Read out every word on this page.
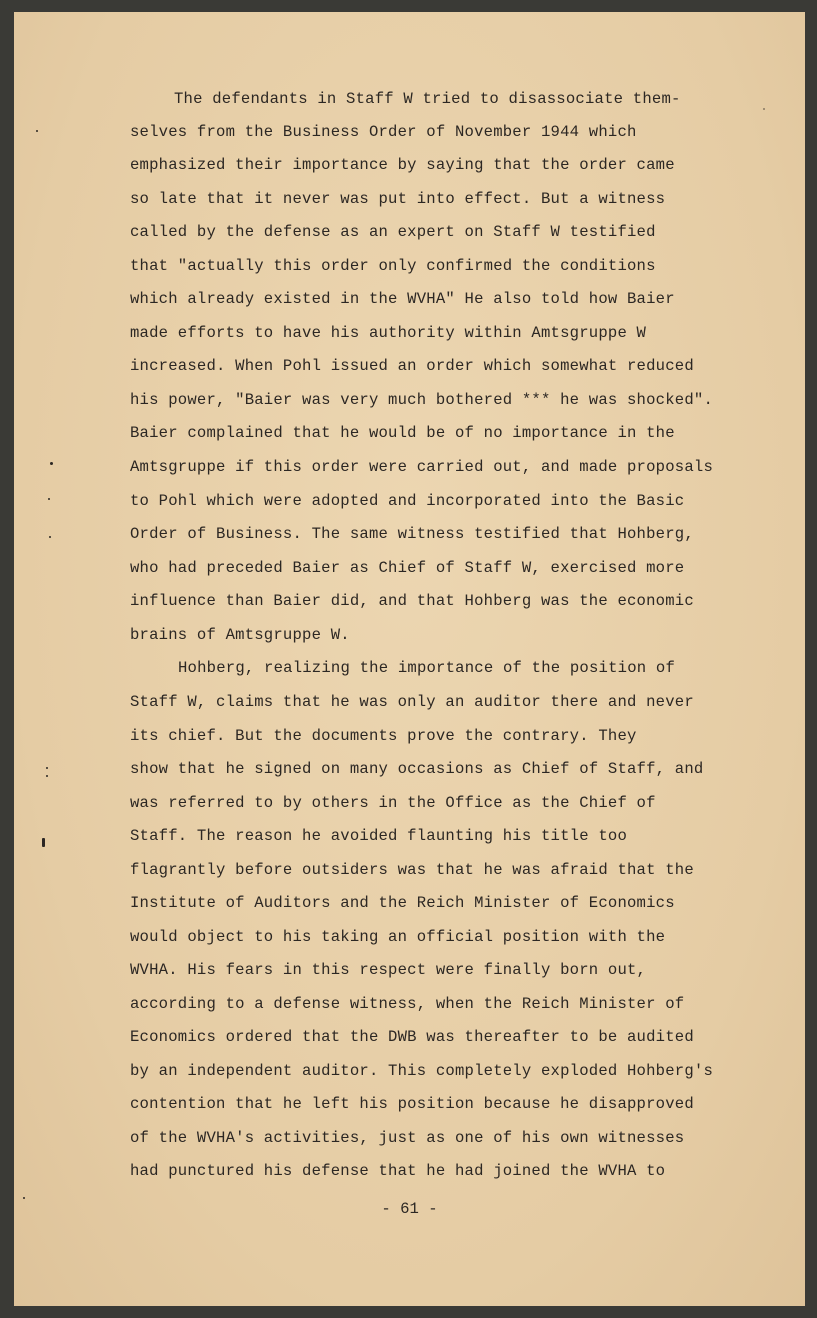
The defendants in Staff W tried to disassociate them-
selves from the Business Order of November 1944 which
emphasized their importance by saying that the order came
so late that it never was put into effect. But a witness
called by the defense as an expert on Staff W testified
that "actually this order only confirmed the conditions
which already existed in the WVHA" He also told how Baier
made efforts to have his authority within Amtsgruppe W
increased. When Pohl issued an order which somewhat reduced
his power, "Baier was very much bothered *** he was shocked".
Baier complained that he would be of no importance in the
Amtsgruppe if this order were carried out, and made proposals
to Pohl which were adopted and incorporated into the Basic
Order of Business. The same witness testified that Hohberg,
who had preceded Baier as Chief of Staff W, exercised more
influence than Baier did, and that Hohberg was the economic
brains of Amtsgruppe W.
Hohberg, realizing the importance of the position of
Staff W, claims that he was only an auditor there and never
its chief. But the documents prove the contrary. They
show that he signed on many occasions as Chief of Staff, and
was referred to by others in the Office as the Chief of
Staff. The reason he avoided flaunting his title too
flagrantly before outsiders was that he was afraid that the
Institute of Auditors and the Reich Minister of Economics
would object to his taking an official position with the
WVHA. His fears in this respect were finally born out,
according to a defense witness, when the Reich Minister of
Economics ordered that the DWB was thereafter to be audited
by an independent auditor. This completely exploded Hohberg's
contention that he left his position because he disapproved
of the WVHA's activities, just as one of his own witnesses
had punctured his defense that he had joined the WVHA to
- 61 -
